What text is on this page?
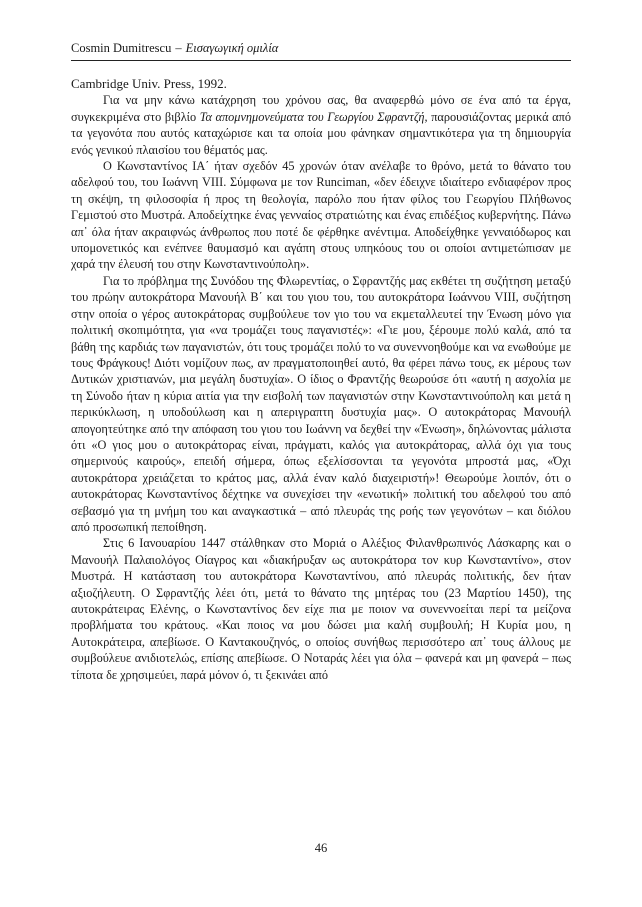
Cosmin Dumitrescu – Εισαγωγική ομιλία

Cambridge Univ. Press, 1992.

Για να μην κάνω κατάχρηση του χρόνου σας, θα αναφερθώ μόνο σε ένα από τα έργα, συγκεκριμένα στο βιβλίο Τα απομνημονεύματα του Γεωργίου Σφραντζή, παρουσιάζοντας μερικά από τα γεγονότα που αυτός καταχώρισε και τα οποία μου φάνηκαν σημαντικότερα για τη δημιουργία ενός γενικού πλαισίου του θέματός μας.

Ο Κωνσταντίνος ΙΑ΄ ήταν σχεδόν 45 χρονών όταν ανέλαβε το θρόνο, μετά το θάνατο του αδελφού του, του Ιωάννη VIII. Σύμφωνα με τον Runciman, «δεν έδειχνε ιδιαίτερο ενδιαφέρον προς τη σκέψη, τη φιλοσοφία ή προς τη θεολογία, παρόλο που ήταν φίλος του Γεωργίου Πλήθωνος Γεμιστού στο Μυστρά. Αποδείχτηκε ένας γενναίος στρατιώτης και ένας επιδέξιος κυβερνήτης. Πάνω απ᾽ όλα ήταν ακραιφνώς άνθρωπος που ποτέ δε φέρθηκε ανέντιμα. Αποδείχθηκε γενναιόδωρος και υπομονετικός και ενέπνεε θαυμασμό και αγάπη στους υπηκόους του οι οποίοι αντιμετώπισαν με χαρά την έλευσή του στην Κωνσταντινούπολη».

Για το πρόβλημα της Συνόδου της Φλωρεντίας, ο Σφραντζής μας εκθέτει τη συζήτηση μεταξύ του πρώην αυτοκράτορα Μανουήλ Β΄ και του γιου του, του αυτοκράτορα Ιωάννου VIII, συζήτηση στην οποία ο γέρος αυτοκράτορας συμβούλευε τον γιο του να εκμεταλλευτεί την Ένωση μόνο για πολιτική σκοπιμότητα, για «να τρομάζει τους παγανιστές»: «Γιε μου, ξέρουμε πολύ καλά, από τα βάθη της καρδιάς των παγανιστών, ότι τους τρομάζει πολύ το να συνεννοηθούμε και να ενωθούμε με τους Φράγκους! Διότι νομίζουν πως, αν πραγματοποιηθεί αυτό, θα φέρει πάνω τους, εκ μέρους των Δυτικών χριστιανών, μια μεγάλη δυστυχία». Ο ίδιος ο Φραντζής θεωρούσε ότι «αυτή η ασχολία με τη Σύνοδο ήταν η κύρια αιτία για την εισβολή των παγανιστών στην Κωνσταντινούπολη και μετά η περικύκλωση, η υποδούλωση και η απεριγραπτη δυστυχία μας». Ο αυτοκράτορας Μανουήλ απογοητεύτηκε από την απόφαση του γιου του Ιωάννη να δεχθεί την «Ένωση», δηλώνοντας μάλιστα ότι «Ο γιος μου ο αυτοκράτορας είναι, πράγματι, καλός για αυτοκράτορας, αλλά όχι για τους σημερινούς καιρούς», επειδή σήμερα, όπως εξελίσσονται τα γεγονότα μπροστά μας, «Όχι αυτοκράτορα χρειάζεται το κράτος μας, αλλά έναν καλό διαχειριστή»! Θεωρούμε λοιπόν, ότι ο αυτοκράτορας Κωνσταντίνος δέχτηκε να συνεχίσει την «ενωτική» πολιτική του αδελφού του από σεβασμό για τη μνήμη του και αναγκαστικά – από πλευράς της ροής των γεγονότων – και διόλου από προσωπική πεποίθηση.

Στις 6 Ιανουαρίου 1447 στάλθηκαν στο Μοριά ο Αλέξιος Φιλανθρωπινός Λάσκαρης και ο Μανουήλ Παλαιολόγος Οίαγρος και «διακήρυξαν ως αυτοκράτορα τον κυρ Κωνσταντίνο», στον Μυστρά. Η κατάσταση του αυτοκράτορα Κωνσταντίνου, από πλευράς πολιτικής, δεν ήταν αξιοζήλευτη. Ο Σφραντζής λέει ότι, μετά το θάνατο της μητέρας του (23 Μαρτίου 1450), της αυτοκράτειρας Ελένης, ο Κωνσταντίνος δεν είχε πια με ποιον να συνεννοείται περί τα μείζονα προβλήματα του κράτους. «Και ποιος να μου δώσει μια καλή συμβουλή; Η Κυρία μου, η Αυτοκράτειρα, απεβίωσε. Ο Καντακουζηνός, ο οποίος συνήθως περισσότερο απ᾽ τους άλλους με συμβούλευε ανιδιοτελώς, επίσης απεβίωσε. Ο Νοταράς λέει για όλα – φανερά και μη φανερά – πως τίποτα δε χρησιμεύει, παρά μόνον ό, τι ξεκινάει από

46
